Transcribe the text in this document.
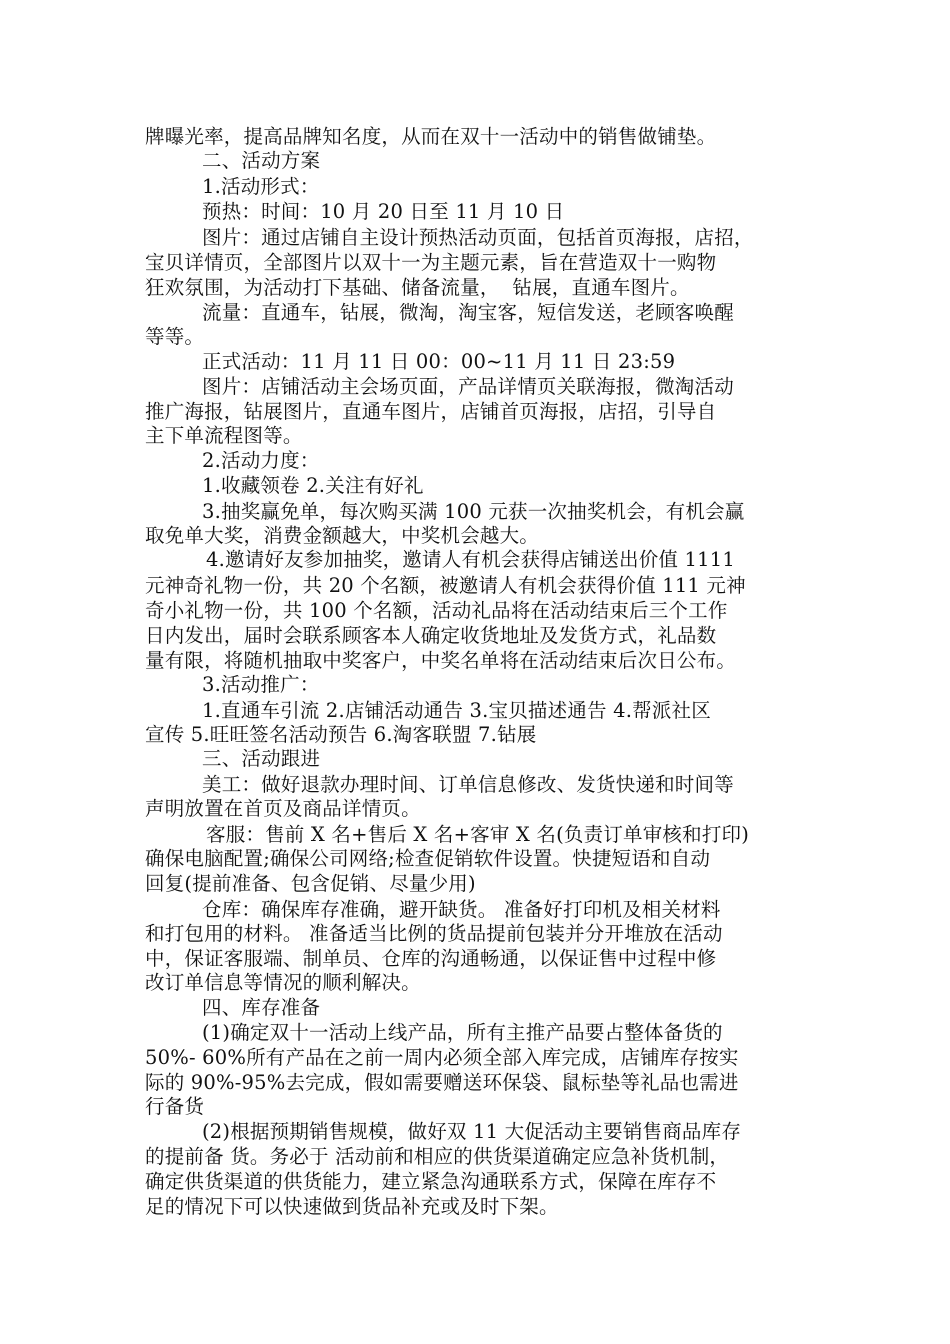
牌曝光率，提高品牌知名度，从而在双十一活动中的销售做铺垫。
二、活动方案
1.活动形式：
预热：时间：10 月 20 日至 11 月 10 日
图片：通过店铺自主设计预热活动页面，包括首页海报，店招，
宝贝详情页，全部图片以双十一为主题元素，旨在营造双十一购物
狂欢氛围，为活动打下基础、储备流量，  钻展，直通车图片。
流量：直通车，钻展，微淘，淘宝客，短信发送，老顾客唤醒
等等。
正式活动：11 月 11 日 00：00~11 月 11 日 23:59
图片：店铺活动主会场页面，产品详情页关联海报，微淘活动
推广海报，钻展图片，直通车图片，店铺首页海报，店招，引导自
主下单流程图等。
2.活动力度：
1.收藏领卷 2.关注有好礼
3.抽奖赢免单，每次购买满 100 元获一次抽奖机会，有机会赢
取免单大奖，消费金额越大，中奖机会越大。
4.邀请好友参加抽奖，邀请人有机会获得店铺送出价值 1111
元神奇礼物一份，共 20 个名额，被邀请人有机会获得价值 111 元神
奇小礼物一份，共 100 个名额，活动礼品将在活动结束后三个工作
日内发出，届时会联系顾客本人确定收货地址及发货方式，礼品数
量有限，将随机抽取中奖客户，中奖名单将在活动结束后次日公布。
3.活动推广：
1.直通车引流 2.店铺活动通告 3.宝贝描述通告 4.帮派社区
宣传 5.旺旺签名活动预告 6.淘客联盟 7.钻展
三、活动跟进
美工：做好退款办理时间、订单信息修改、发货快递和时间等
声明放置在首页及商品详情页。
客服：售前 X 名+售后 X 名+客审 X 名(负责订单审核和打印)
确保电脑配置;确保公司网络;检查促销软件设置。快捷短语和自动
回复(提前准备、包含促销、尽量少用)
仓库：确保库存准确，避开缺货。 准备好打印机及相关材料
和打包用的材料。 准备适当比例的货品提前包装并分开堆放在活动
中，保证客服端、制单员、仓库的沟通畅通，以保证售中过程中修
改订单信息等情况的顺利解决。
四、库存准备
(1)确定双十一活动上线产品，所有主推产品要占整体备货的
50%- 60%所有产品在之前一周内必须全部入库完成，店铺库存按实
际的 90%-95%去完成，假如需要赠送环保袋、鼠标垫等礼品也需进
行备货
(2)根据预期销售规模，做好双 11 大促活动主要销售商品库存
的提前备 货。务必于 活动前和相应的供货渠道确定应急补货机制，
确定供货渠道的供货能力，建立紧急沟通联系方式，保障在库存不
足的情况下可以快速做到货品补充或及时下架。
